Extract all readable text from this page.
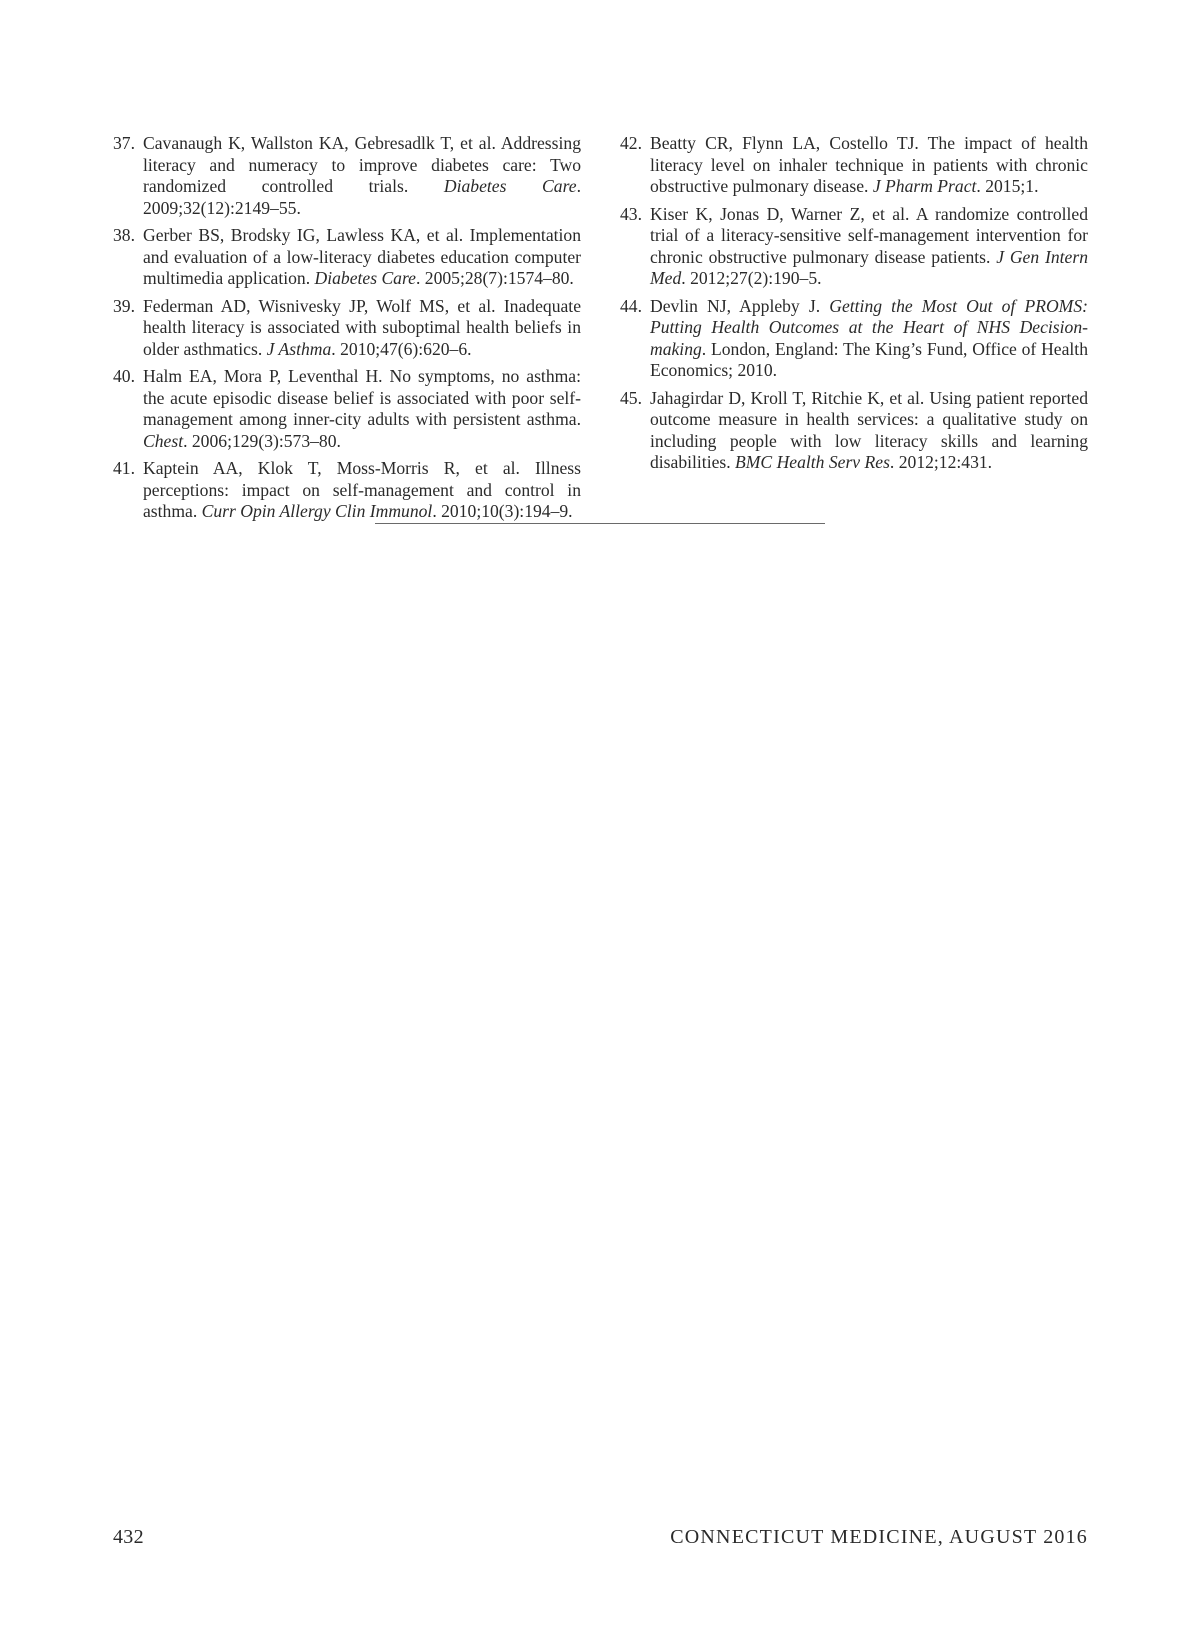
37. Cavanaugh K, Wallston KA, Gebresadlk T, et al. Addressing literacy and numeracy to improve diabetes care: Two randomized controlled trials. Diabetes Care. 2009;32(12):2149–55.
38. Gerber BS, Brodsky IG, Lawless KA, et al. Implementation and evaluation of a low-literacy diabetes education computer multimedia application. Diabetes Care. 2005;28(7):1574–80.
39. Federman AD, Wisnivesky JP, Wolf MS, et al. Inadequate health literacy is associated with suboptimal health beliefs in older asthmatics. J Asthma. 2010;47(6):620–6.
40. Halm EA, Mora P, Leventhal H. No symptoms, no asthma: the acute episodic disease belief is associated with poor self-management among inner-city adults with persistent asthma. Chest. 2006;129(3):573–80.
41. Kaptein AA, Klok T, Moss-Morris R, et al. Illness perceptions: impact on self-management and control in asthma. Curr Opin Allergy Clin Immunol. 2010;10(3):194–9.
42. Beatty CR, Flynn LA, Costello TJ. The impact of health literacy level on inhaler technique in patients with chronic obstructive pulmonary disease. J Pharm Pract. 2015;1.
43. Kiser K, Jonas D, Warner Z, et al. A randomize controlled trial of a literacy-sensitive self-management intervention for chronic obstructive pulmonary disease patients. J Gen Intern Med. 2012;27(2):190–5.
44. Devlin NJ, Appleby J. Getting the Most Out of PROMS: Putting Health Outcomes at the Heart of NHS Decision-making. London, England: The King’s Fund, Office of Health Economics; 2010.
45. Jahagirdar D, Kroll T, Ritchie K, et al. Using patient reported outcome measure in health services: a qualitative study on including people with low literacy skills and learning disabilities. BMC Health Serv Res. 2012;12:431.
432	CONNECTICUT MEDICINE, AUGUST 2016
